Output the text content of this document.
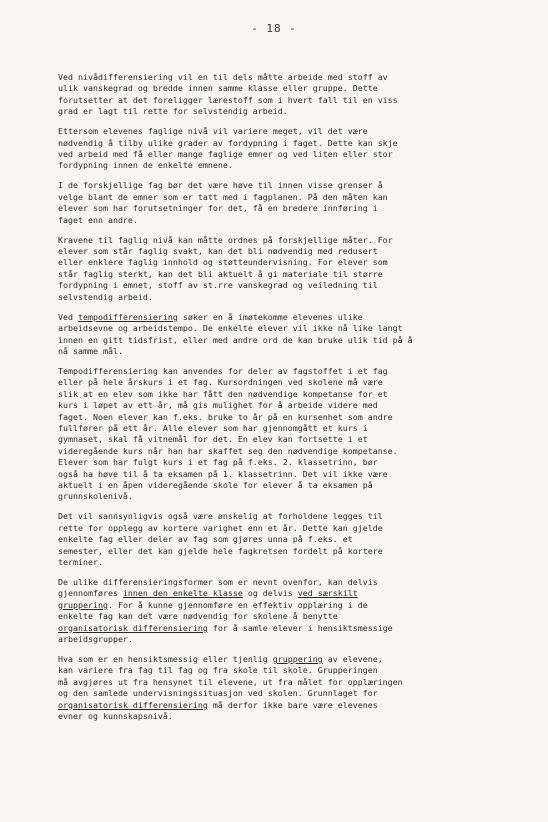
- 18 -
Ved nivådifferensiering vil en til dels måtte arbeide med stoff av
ulik vanskegrad og bredde innen samme klasse eller gruppe. Dette
forutsetter at det foreligger lærestoff som i hvert fall til en viss
grad er lagt til rette for selvstendig arbeid.
Ettersom elevenes faglige nivå vil variere meget, vil det være
nødvendig å tilby ulike grader av fordypning i faget. Dette kan skje
ved arbeid med få eller mange faglige emner og ved liten eller stor
fordypning innen de enkelte emnene.
I de forskjellige fag bør det være høve til innen visse grenser å
velge blant de emner som er tatt med i fagplanen. På den måten kan
elever som har forutsetninger for det, få en bredere innføring i
faget enn andre.
Kravene til faglig nivå kan måtte ordnes på forskjellige måter. For
elever som står faglig svakt, kan det bli nødvendig med redusert
eller enklere faglig innhold og støtteundervisning. For elever som
står faglig sterkt, kan det bli aktuelt å gi materiale til større
fordypning i emnet, stoff av st.rre vanskegrad og veiledning til
selvstendig arbeid.
Ved tempodifferensiering søker en å imøtekomme elevenes ulike
arbeidsevne og arbeidstempo. De enkelte elever vil ikke nå like langt
innen en gitt tidsfrist, eller med andre ord de kan bruke ulik tid på å
nå samme mål.
Tempodifferensiering kan anvendes for deler av fagstoffet i et fag
eller på hele årskurs i et fag. Kursordningen ved skolene må være
slik at en elev som ikke har fått den nødvendige kompetanse for et
kurs i løpet av ett år, må gis mulighet for å arbeide videre med
faget. Noen elever kan f.eks. bruke to år på en kursenhet som andre
fullfører på ett år. Alle elever som har gjennomgått et kurs i
gymnaset, skal få vitnemål for det. En elev kan fortsette i et
videregående kurs når han har skaffet seg den nødvendige kompetanse.
Elever som har fulgt kurs i et fag på f.eks. 2. klassetrinn, bør
også ha høve til å ta eksamen på 1. klassetrinn. Det vil ikke være
aktuelt i en åpen videregående skole for elever å ta eksamen på
grunnskolenivå.
Det vil sannsynligvis også være ønskelig at forholdene legges til
rette for opplegg av kortere varighet enn et år. Dette kan gjelde
enkelte fag eller deler av fag som gjøres unna på f.eks. et
semester, eller det kan gjelde hele fagkretsen fordelt på kortere
terminer.
De ulike differensieringsformer som er nevnt ovenfor, kan delvis
gjennomføres innen den enkelte klasse og delvis ved særskilt
gruppering. For å kunne gjennomføre en effektiv opplæring i de
enkelte fag kan det være nødvendig for skolene å benytte
organisatorisk differensiering for å samle elever i hensiktsmessige
arbeidsgrupper.
Hva som er en hensiktsmessig eller tjenlig gruppering av elevene,
kan variere fra fag til fag og fra skole til skole. Grupperingen
må avgjøres ut fra hensynet til elevene, ut fra målet for opplæringen
og den samlede undervisningssituasjon ved skolen. Grunnlaget for
organisatorisk differensiering må derfor ikke bare være elevenes
evner og kunnskapsnivå.
